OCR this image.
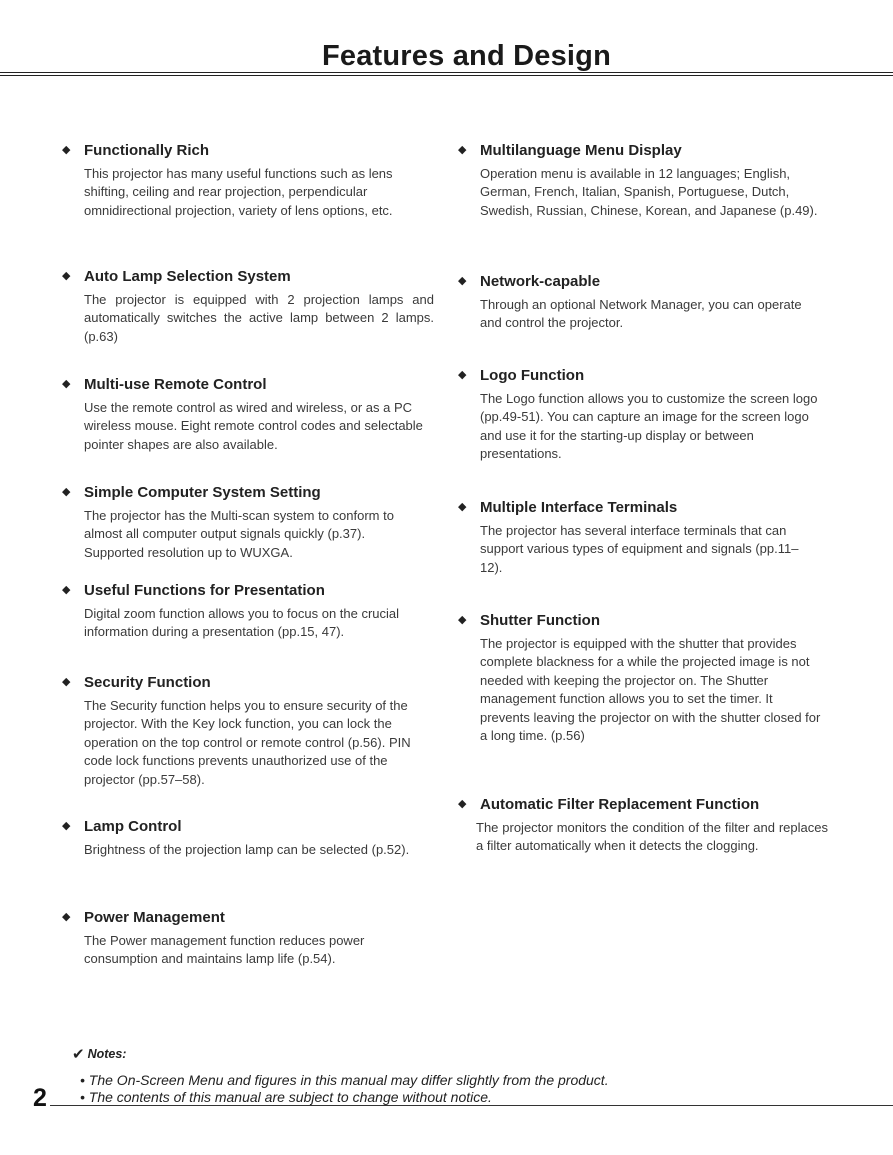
Features and Design
◆ Functionally Rich
This projector has many useful functions such as lens shifting, ceiling and rear projection, perpendicular omnidirectional projection, variety of lens options, etc.
◆ Auto Lamp Selection System
The projector is equipped with 2 projection lamps and automatically switches the active lamp between 2 lamps.(p.63)
◆ Multi-use Remote Control
Use the remote control as wired and wireless, or as a PC wireless mouse. Eight remote control codes and selectable pointer shapes are also available.
◆ Simple Computer System Setting
The projector has the Multi-scan system to conform to almost all computer output signals quickly (p.37). Supported resolution up to WUXGA.
◆ Useful Functions for Presentation
Digital zoom function allows you to focus on the crucial information during a presentation (pp.15, 47).
◆ Security Function
The Security function helps you to ensure security of the projector. With the Key lock function, you can lock the operation on the top control or remote control (p.56). PIN code lock functions prevents unauthorized use of the projector (pp.57–58).
◆ Lamp Control
Brightness of the projection lamp can be selected (p.52).
◆ Power Management
The Power management function reduces power consumption and maintains lamp life (p.54).
◆ Multilanguage Menu Display
Operation menu is available in 12 languages; English, German, French, Italian, Spanish, Portuguese, Dutch, Swedish, Russian, Chinese, Korean, and Japanese (p.49).
◆ Network-capable
Through an optional Network Manager, you can operate and control the projector.
◆ Logo Function
The Logo function allows you to customize the screen logo (pp.49-51). You can capture an image for the screen logo and use it for the starting-up display or between presentations.
◆ Multiple Interface Terminals
The projector has several interface terminals that can support various types of equipment and signals (pp.11–12).
◆ Shutter Function
The projector is equipped with the shutter that provides complete blackness for a while the projected image is not needed with keeping the projector on. The Shutter management function allows you to set the timer. It prevents leaving the projector on with the shutter closed for a long time. (p.56)
◆ Automatic Filter Replacement Function
The projector monitors the condition of the filter and replaces a filter automatically when it detects the clogging.
✔ Notes:
• The On-Screen Menu and figures in this manual may differ slightly from the product.
• The contents of this manual are subject to change without notice.
2
